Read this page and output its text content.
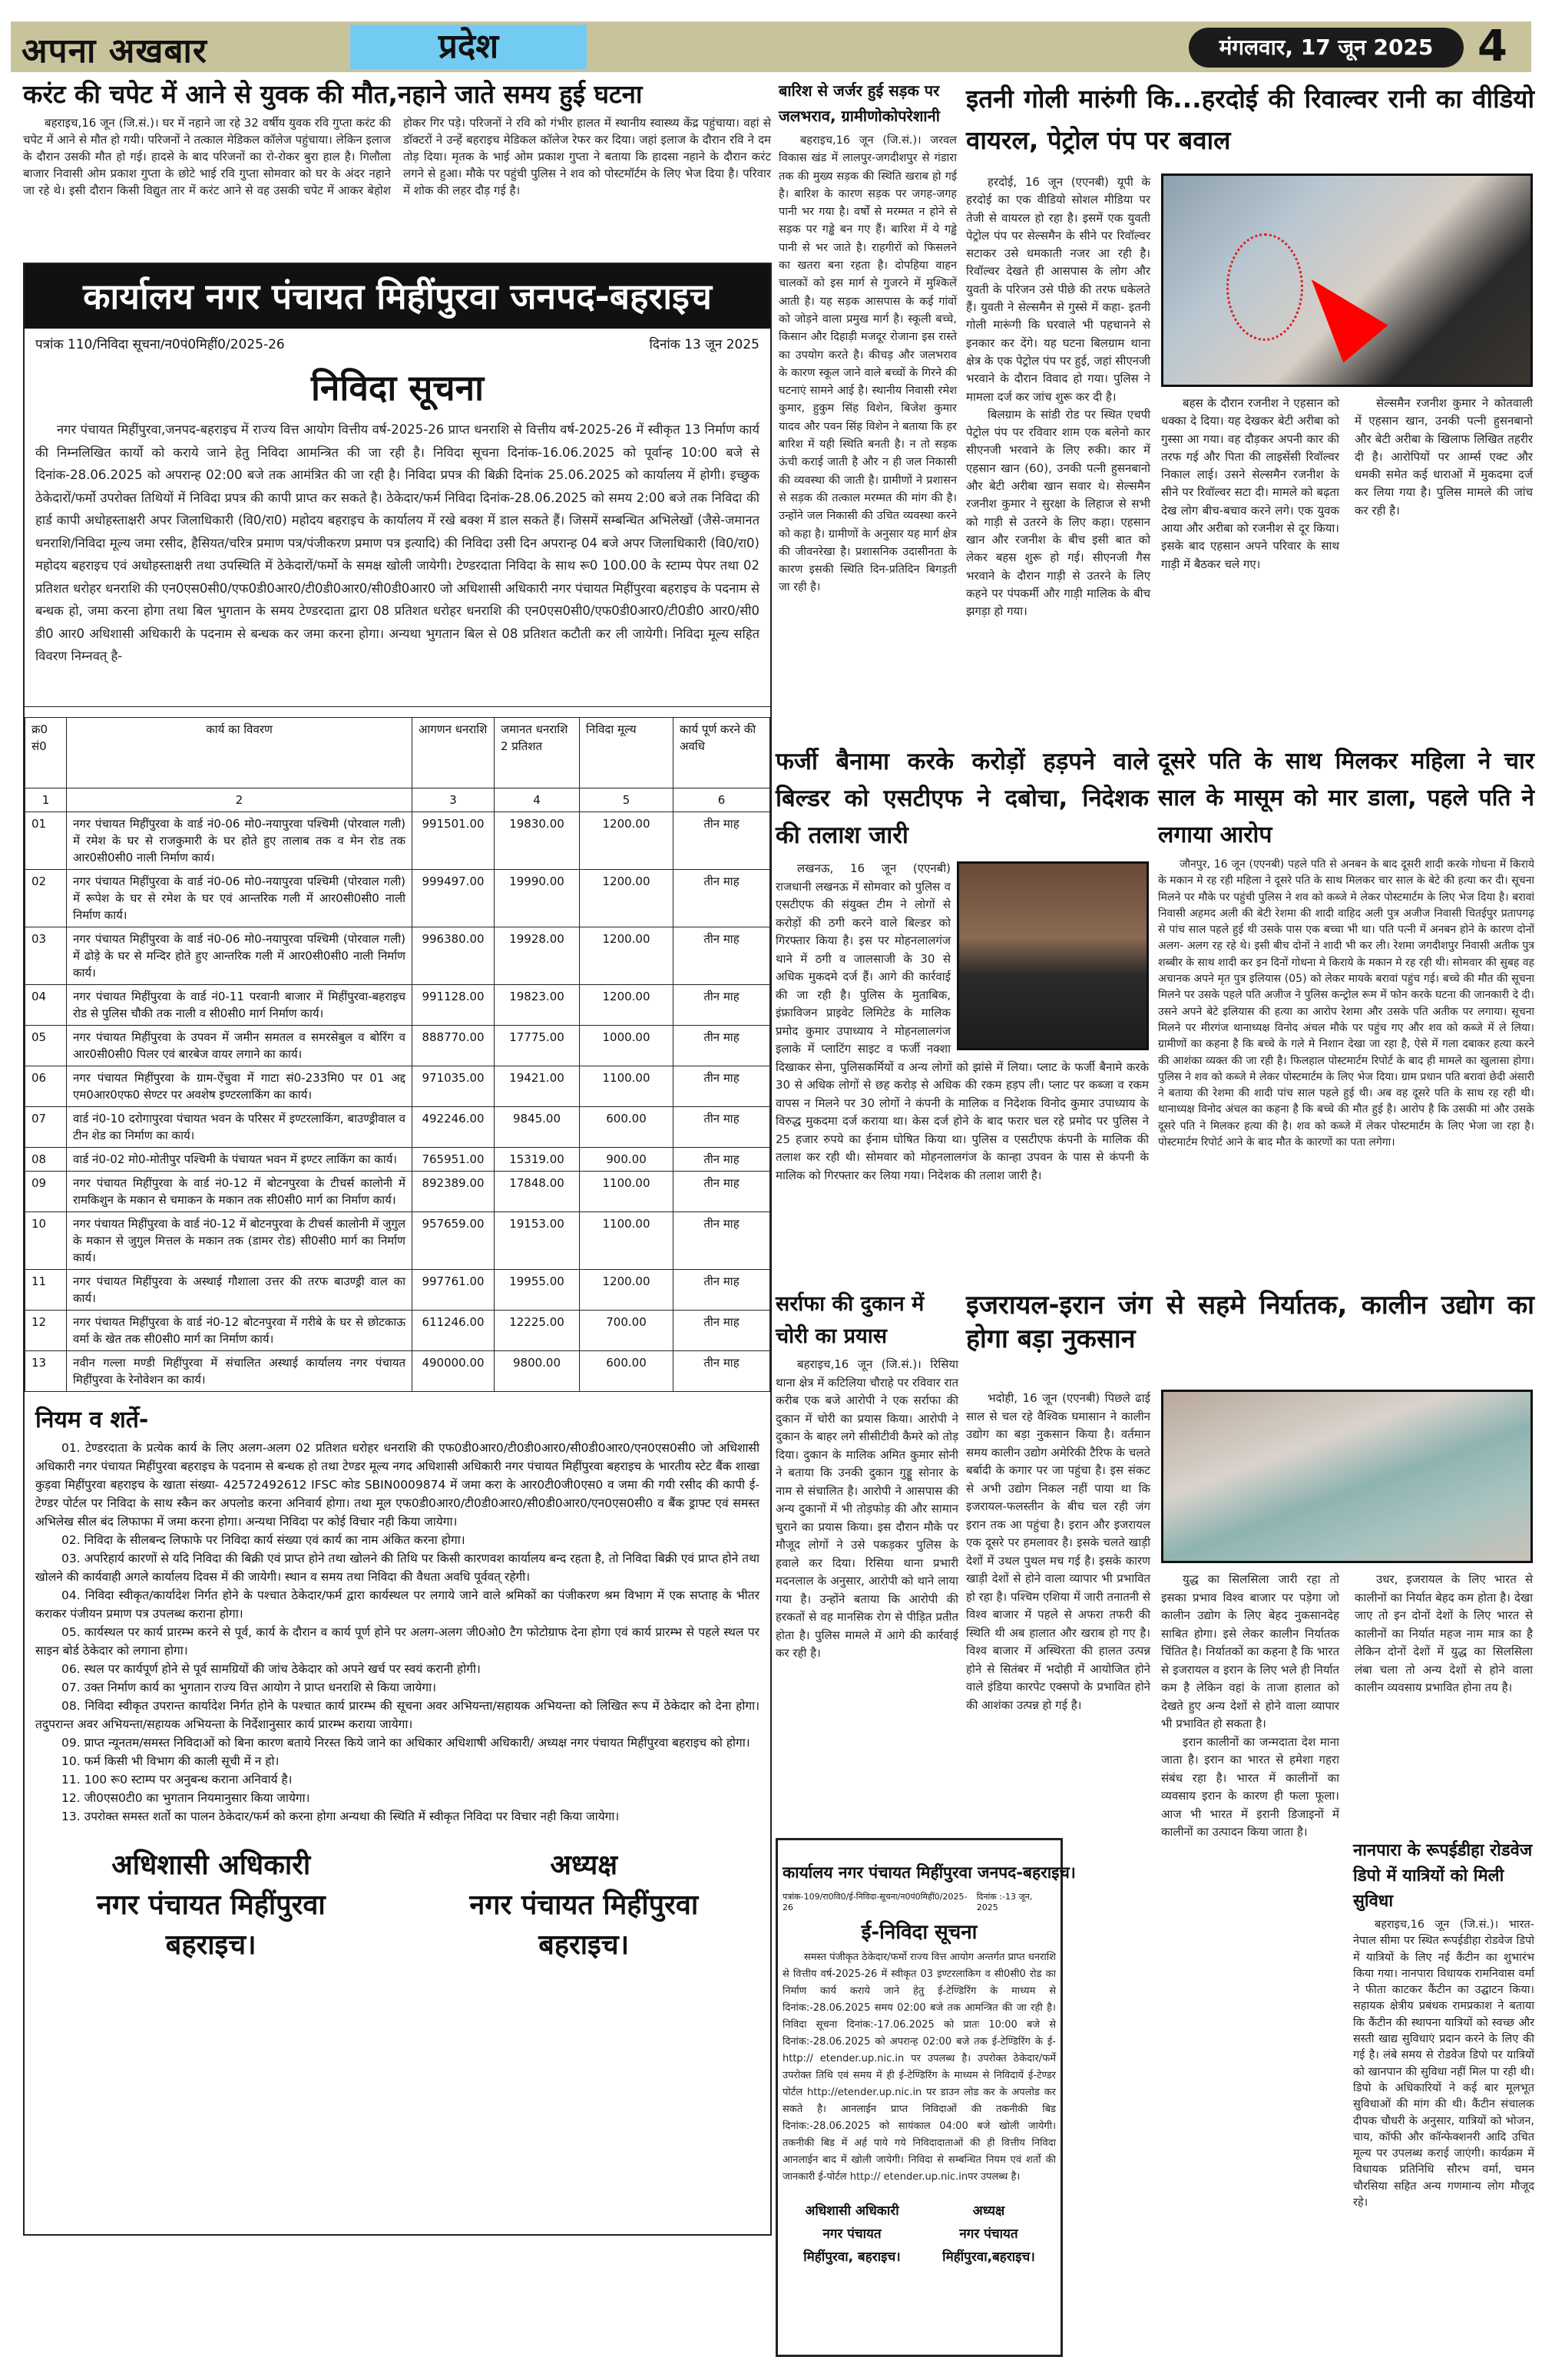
अपना अखबार	प्रदेश	मंगलवार, 17 जून 2025	4
करंट की चपेट में आने से युवक की मौत,नहाने जाते समय हुई घटना

बहराइच,16 जून (जि.सं.)। घर में नहाने जा रहे 32 वर्षीय युवक रवि गुप्ता करंट की चपेट में आने से मौत हो गयी। परिजनों ने तत्काल मेडिकल कॉलेज पहुंचाया। लेकिन इलाज के दौरान उसकी मौत हो गई। हादसे के बाद परिजनों का रो-रोकर बुरा हाल है। गिलौला बाजार निवासी ओम प्रकाश गुप्ता के छोटे भाई रवि गुप्ता सोमवार को घर के अंदर नहाने जा रहे थे। इसी दौरान किसी विद्युत तार में करंट आने से वह उसकी चपेट में आकर बेहोश होकर गिर पड़े। परिजनों ने रवि को गंभीर हालत में स्थानीय स्वास्थ्य केंद्र पहुंचाया। वहां से डॉक्टरों ने उन्हें बहराइच मेडिकल कॉलेज रेफर कर दिया। जहां इलाज के दौरान रवि ने दम तोड़ दिया। मृतक के भाई ओम प्रकाश गुप्ता ने बताया कि हादसा नहाने के दौरान करंट लगने से हुआ। मौके पर पहुंची पुलिस ने शव को पोस्टमॉर्टम के लिए भेज दिया है। परिवार में शोक की लहर दौड़ गई है।

कार्यालय नगर पंचायत मिहींपुरवा जनपद-बहराइच
पत्रांक 110/निविदा सूचना/न0पं0मिहीं0/2025-26	दिनांक 13 जून 2025
निविदा सूचना

नगर पंचायत मिहींपुरवा,जनपद-बहराइच में राज्य वित्त आयोग वित्तीय वर्ष-2025-26 प्राप्त धनराशि से वित्तीय वर्ष-2025-26 में स्वीकृत 13 निर्माण कार्य की निम्नलिखित कार्यो को कराये जाने हेतु निविदा आमन्त्रित की जा रही है। निविदा सूचना दिनांक-16.06.2025 को पूर्वान्ह 10:00 बजे से दिनांक-28.06.2025 को अपरान्ह 02:00 बजे तक आमंत्रित की जा रही है। निविदा प्रपत्र की बिक्री दिनांक 25.06.2025 को कार्यालय में होगी। इच्छुक ठेकेदारों/फर्मो उपरोक्त तिथियों में निविदा प्रपत्र की कापी प्राप्त कर सकते है। ठेकेदार/फर्म निविदा दिनांक-28.06.2025 को समय 2:00 बजे तक निविदा की हार्ड कापी अधोहस्ताक्षरी अपर जिलाधिकारी (वि0/रा0) महोदय बहराइच के कार्यालय में रखे बक्श में डाल सकते हैं। जिसमें सम्बन्धित अभिलेखों (जैसे-जमानत धनराशि/निविदा मूल्य जमा रसीद, हैसियत/चरित्र प्रमाण पत्र/पंजीकरण प्रमाण पत्र इत्यादि) की निविदा उसी दिन अपरान्ह 04 बजे अपर जिलाधिकारी (वि0/रा0) महोदय बहराइच एवं अधोहस्ताक्षरी तथा उपस्थिति में ठेकेदारों/फर्मो के समक्ष खोली जायेगी। टेण्डरदाता निविदा के साथ रू0 100.00 के स्टाम्प पेपर तथा 02 प्रतिशत धरोहर धनराशि की एन0एस0सी0/एफ0डी0आर0/टी0डी0आर0/सी0डी0आर0 जो अधिशासी अधिकारी नगर पंचायत मिहींपुरवा बहराइच के पदनाम से बन्धक हो, जमा करना होगा तथा बिल भुगतान के समय टेण्डरदाता द्वारा 08 प्रतिशत धरोहर धनराशि की एन0एस0सी0/एफ0डी0आर0/टी0डी0 आर0/सी0 डी0 आर0 अधिशासी अधिकारी के पदनाम से बन्धक कर जमा करना होगा। अन्यथा भुगतान बिल से 08 प्रतिशत कटौती कर ली जायेगी। निविदा मूल्य सहित विवरण निम्नवत् है-

क्र0 सं0	कार्य का विवरण	आगणन धनराशि	जमानत धनराशि 2 प्रतिशत	निविदा मूल्य	कार्य पूर्ण करने की अवधि
1	2	3	4	5	6
01	नगर पंचायत मिहींपुरवा के वार्ड नं0-06 मो0-नयापुरवा पश्चिमी (पोरवाल गली) में रमेश के घर से राजकुमारी के घर होते हुए तालाब तक व मेन रोड तक आर0सी0सी0 नाली निर्माण कार्य।	991501.00	19830.00	1200.00	तीन माह
02	नगर पंचायत मिहींपुरवा के वार्ड नं0-06 मो0-नयापुरवा पश्चिमी (पोरवाल गली) में रूपेश के घर से रमेश के घर एवं आन्तरिक गली में आर0सी0सी0 नाली निर्माण कार्य।	999497.00	19990.00	1200.00	तीन माह
03	नगर पंचायत मिहींपुरवा के वार्ड नं0-06 मो0-नयापुरवा पश्चिमी (पोरवाल गली) में ढोड़े के घर से मन्दिर होते हुए आन्तरिक गली में आर0सी0सी0 नाली निर्माण कार्य।	996380.00	19928.00	1200.00	तीन माह
04	नगर पंचायत मिहींपुरवा के वार्ड नं0-11 परवानी बाजार में मिहींपुरवा-बहराइच रोड से पुलिस चौकी तक नाली व सी0सी0 मार्ग निर्माण कार्य।	991128.00	19823.00	1200.00	तीन माह
05	नगर पंचायत मिहींपुरवा के उपवन में जमीन समतल व समरसेबुल व बोरिंग व आर0सी0सी0 पिलर एवं बारबेज वायर लगाने का कार्य।	888770.00	17775.00	1000.00	तीन माह
06	नगर पंचायत मिहींपुरवा के ग्राम-ऐंचुवा में गाटा सं0-233मि0 पर 01 अद्द एम0आर0एफ0 सेण्टर पर अवशेष इण्टरलाकिंग का कार्य।	971035.00	19421.00	1100.00	तीन माह
07	वार्ड नं0-10 दरोगापुरवा पंचायत भवन के परिसर में इण्टरलाकिंग, बाउण्ड्रीवाल व टीन शेड का निर्माण का कार्य।	492246.00	9845.00	600.00	तीन माह
08	वार्ड नं0-02 मो0-मोतीपुर पश्चिमी के पंचायत भवन में इण्टर लाकिंग का कार्य।	765951.00	15319.00	900.00	तीन माह
09	नगर पंचायत मिहींपुरवा के वार्ड नं0-12 में बोटनपुरवा के टीचर्स कालोनी में रामकिशुन के मकान से चमाकन के मकान तक सी0सी0 मार्ग का निर्माण कार्य।	892389.00	17848.00	1100.00	तीन माह
10	नगर पंचायत मिहींपुरवा के वार्ड नं0-12 में बोटनपुरवा के टीचर्स कालोनी में जुगुल के मकान से जुगुल मित्तल के मकान तक (डामर रोड) सी0सी0 मार्ग का निर्माण कार्य।	957659.00	19153.00	1100.00	तीन माह
11	नगर पंचायत मिहींपुरवा के अस्थाई गौशाला उत्तर की तरफ बाउण्ड्री वाल का कार्य।	997761.00	19955.00	1200.00	तीन माह
12	नगर पंचायत मिहींपुरवा के वार्ड नं0-12 बोटनपुरवा में गरीबे के घर से छोटकाऊ वर्मा के खेत तक सी0सी0 मार्ग का निर्माण कार्य।	611246.00	12225.00	700.00	तीन माह
13	नवीन गल्ला मण्डी मिहींपुरवा में संचालित अस्थाई कार्यालय नगर पंचायत मिहींपुरवा के रेनोवेशन का कार्य।	490000.00	9800.00	600.00	तीन माह
नियम व शर्ते-

01. टेण्डरदाता के प्रत्येक कार्य के लिए अलग-अलग 02 प्रतिशत धरोहर धनराशि की एफ0डी0आर0/टी0डी0आर0/सी0डी0आर0/एन0एस0सी0 जो अधिशासी अधिकारी नगर पंचायत मिहींपुरवा बहराइच के पदनाम से बन्धक हो तथा टेण्डर मूल्य नगद अधिशासी अधिकारी नगर पंचायत मिहींपुरवा बहराइच के भारतीय स्टेट बैंक शाखा कुड़वा मिहींपुरवा बहराइच के खाता संख्या- 42572492612 IFSC कोड SBIN0009874 में जमा करा के आर0टी0जी0एस0 व जमा की गयी रसीद की कापी ई-टेण्डर पोर्टल पर निविदा के साथ स्कैन कर अपलोड करना अनिवार्य होगा। तथा मूल एफ0डी0आर0/टी0डी0आर0/सी0डी0आर0/एन0एस0सी0 व बैंक ड्राफ्ट एवं समस्त अभिलेख सील बंद लिफाफा में जमा करना होगा। अन्यथा निविदा पर कोई विचार नही किया जायेगा।

02. निविदा के सीलबन्द लिफाफे पर निविदा कार्य संख्या एवं कार्य का नाम अंकित करना होगा।

03. अपरिहार्य कारणों से यदि निविदा की बिक्री एवं प्राप्त होने तथा खोलने की तिथि पर किसी कारणवश कार्यालय बन्द रहता है, तो निविदा बिक्री एवं प्राप्त होने तथा खोलने की कार्यवाही अगले कार्यालय दिवस में की जायेगी। स्थान व समय तथा निविदा की वैधता अवधि पूर्ववत् रहेगी।

04. निविदा स्वीकृत/कार्यादेश निर्गत होने के पश्चात ठेकेदार/फर्म द्वारा कार्यस्थल पर लगाये जाने वाले श्रमिकों का पंजीकरण श्रम विभाग में एक सप्ताह के भीतर कराकर पंजीयन प्रमाण पत्र उपलब्ध कराना होगा।

05. कार्यस्थल पर कार्य प्रारम्भ करने से पूर्व, कार्य के दौरान व कार्य पूर्ण होने पर अलग-अलग जी0ओ0 टैग फोटोग्राफ देना होगा एवं कार्य प्रारम्भ से पहले स्थल पर साइन बोर्ड ठेकेदार को लगाना होगा।

06. स्थल पर कार्यपूर्ण होने से पूर्व सामग्रियों की जांच ठेकेदार को अपने खर्च पर स्वयं करानी होगी।

07. उक्त निर्माण कार्य का भुगतान राज्य वित्त आयोग ने प्राप्त धनराशि से किया जायेगा।

08. निविदा स्वीकृत उपरान्त कार्यादेश निर्गत होने के पश्चात कार्य प्रारम्भ की सूचना अवर अभियन्ता/सहायक अभियन्ता को लिखित रूप में ठेकेदार को देना होगा। तदुपरान्त अवर अभियन्ता/सहायक अभियन्ता के निर्देशानुसार कार्य प्रारम्भ कराया जायेगा।

09. प्राप्त न्यूनतम/समस्त निविदाओं को बिना कारण बताये निरस्त किये जाने का अधिकार अधिशाषी अधिकारी/ अध्यक्ष नगर पंचायत मिहींपुरवा बहराइच को होगा।

10. फर्म किसी भी विभाग की काली सूची में न हो।

11. 100 रू0 स्टाम्प पर अनुबन्ध कराना अनिवार्य है।

12. जी0एस0टी0 का भुगतान नियमानुसार किया जायेगा।

13. उपरोक्त समस्त शर्तो का पालन ठेकेदार/फर्म को करना होगा अन्यथा की स्थिति में स्वीकृत निविदा पर विचार नही किया जायेगा।

अधिशासी अधिकारी
नगर पंचायत मिहींपुरवा
बहराइच।
अध्यक्ष
नगर पंचायत मिहींपुरवा
बहराइच।
बारिश से जर्जर हुई सड़क पर जलभराव, ग्रामीणोकोपरेशानी

बहराइच,16 जून (जि.सं.)। जरवल विकास खंड में लालपुर-जगदीशपुर से गंडारा तक की मुख्य सड़क की स्थिति खराब हो गई है। बारिश के कारण सड़क पर जगह-जगह पानी भर गया है। वर्षों से मरम्मत न होने से सड़क पर गड्ढे बन गए हैं। बारिश में ये गड्ढे पानी से भर जाते है। राहगीरों को फिसलने का खतरा बना रहता है। दोपहिया वाहन चालकों को इस मार्ग से गुजरने में मुश्किलें आती है। यह सड़क आसपास के कई गांवों को जोड़ने वाला प्रमुख मार्ग है। स्कूली बच्चे, किसान और दिहाड़ी मजदूर रोजाना इस रास्ते का उपयोग करते है। कीचड़ और जलभराव के कारण स्कूल जाने वाले बच्चों के गिरने की घटनाएं सामने आई है। स्थानीय निवासी रमेश कुमार, हुकुम सिंह विशेन, बिजेश कुमार यादव और पवन सिंह विशेन ने बताया कि हर बारिश में यही स्थिति बनती है। न तो सड़क ऊंची कराई जाती है और न ही जल निकासी की व्यवस्था की जाती है। ग्रामीणों ने प्रशासन से सड़क की तत्काल मरम्मत की मांग की है। उन्होंने जल निकासी की उचित व्यवस्था करने को कहा है। ग्रामीणों के अनुसार यह मार्ग क्षेत्र की जीवनरेखा है। प्रशासनिक उदासीनता के कारण इसकी स्थिति दिन-प्रतिदिन बिगड़ती जा रही है।

इतनी गोली मारुंगी कि...हरदोई की रिवाल्वर रानी का वीडियो वायरल, पेट्रोल पंप पर बवाल

हरदोई, 16 जून (एएनबी) यूपी के हरदोई का एक वीडियो सोशल मीडिया पर तेजी से वायरल हो रहा है। इसमें एक युवती पेट्रोल पंप पर सेल्समैन के सीने पर रिवॉल्वर सटाकर उसे धमकाती नजर आ रही है। रिवॉल्वर देखते ही आसपास के लोग और युवती के परिजन उसे पीछे की तरफ धकेलते हैं। युवती ने सेल्समैन से गुस्से में कहा- इतनी गोली मारूंगी कि घरवाले भी पहचानने से इनकार कर देंगे। यह घटना बिलग्राम थाना क्षेत्र के एक पेट्रोल पंप पर हुई, जहां सीएनजी भरवाने के दौरान विवाद हो गया। पुलिस ने मामला दर्ज कर जांच शुरू कर दी है।

बिलग्राम के सांडी रोड पर स्थित एचपी पेट्रोल पंप पर रविवार शाम एक बलेनो कार सीएनजी भरवाने के लिए रुकी। कार में एहसान खान (60), उनकी पत्नी हुसनबानो और बेटी अरीबा खान सवार थे। सेल्समैन रजनीश कुमार ने सुरक्षा के लिहाज से सभी को गाड़ी से उतरने के लिए कहा। एहसान खान और रजनीश के बीच इसी बात को लेकर बहस शुरू हो गई। सीएनजी गैस भरवाने के दौरान गाड़ी से उतरने के लिए कहने पर पंपकर्मी और गाड़ी मालिक के बीच झगड़ा हो गया।

बहस के दौरान रजनीश ने एहसान को धक्का दे दिया। यह देखकर बेटी अरीबा को गुस्सा आ गया। वह दौड़कर अपनी कार की तरफ गई और पिता की लाइसेंसी रिवॉल्वर निकाल लाई। उसने सेल्समैन रजनीश के सीने पर रिवॉल्वर सटा दी। मामले को बढ़ता देख लोग बीच-बचाव करने लगे। एक युवक आया और अरीबा को रजनीश से दूर किया। इसके बाद एहसान अपने परिवार के साथ गाड़ी में बैठकर चले गए।

सेल्समैन रजनीश कुमार ने कोतवाली में एहसान खान, उनकी पत्नी हुसनबानो और बेटी अरीबा के खिलाफ लिखित तहरीर दी है। आरोपियों पर आर्म्स एक्ट और धमकी समेत कई धाराओं में मुकदमा दर्ज कर लिया गया है। पुलिस मामले की जांच कर रही है।

फर्जी बैनामा करके करोड़ों हड़पने वाले बिल्डर को एसटीएफ ने दबोचा, निदेशक की तलाश जारी

लखनऊ, 16 जून (एएनबी) राजधानी लखनऊ में सोमवार को पुलिस व एसटीएफ की संयुक्त टीम ने लोगों से करोड़ों की ठगी करने वाले बिल्डर को गिरफ्तार किया है। इस पर मोहनलालगंज थाने में ठगी व जालसाजी के 30 से अधिक मुकदमे दर्ज हैं। आगे की कार्रवाई की जा रही है। पुलिस के मुताबिक, इंफ्राविजन प्राइवेट लिमिटेड के मालिक प्रमोद कुमार उपाध्याय ने मोहनलालगंज इलाके में प्लाटिंग साइट व फर्जी नक्शा दिखाकर सेना, पुलिसकर्मियों व अन्य लोगों को झांसे में लिया। प्लाट के फर्जी बैनामे करके 30 से अधिक लोगों से छह करोड़ से अधिक की रकम हड़प ली। प्लाट पर कब्जा व रकम वापस न मिलने पर 30 लोगों ने कंपनी के मालिक व निदेशक विनोद कुमार उपाध्याय के विरुद्ध मुकदमा दर्ज कराया था। केस दर्ज होने के बाद फरार चल रहे प्रमोद पर पुलिस ने 25 हजार रुपये का ईनाम घोषित किया था। पुलिस व एसटीएफ कंपनी के मालिक की तलाश कर रही थी। सोमवार को मोहनलालगंज के कान्हा उपवन के पास से कंपनी के मालिक को गिरफ्तार कर लिया गया। निदेशक की तलाश जारी है।

दूसरे पति के साथ मिलकर महिला ने चार साल के मासूम को मार डाला, पहले पति ने लगाया आरोप

जौनपुर, 16 जून (एएनबी) पहले पति से अनबन के बाद दूसरी शादी करके गोधना में किराये के मकान मे रह रही महिला ने दूसरे पति के साथ मिलकर चार साल के बेटे की हत्या कर दी। सूचना मिलने पर मौके पर पहुंची पुलिस ने शव को कब्जे मे लेकर पोस्टमार्टम के लिए भेज दिया है। बरावां निवासी अहमद अली की बेटी रेशमा की शादी वाहिद अली पुत्र अजीज निवासी चितईपुर प्रतापगढ़ से पांच साल पहले हुई थी उसके पास एक बच्चा भी था। पति पत्नी में अनबन होने के कारण दोनों अलग- अलग रह रहे थे। इसी बीच दोनों ने शादी भी कर ली। रेशमा जगदीशपुर निवासी अतीक पुत्र शब्बीर के साथ शादी कर इन दिनों गोधना मे किराये के मकान मे रह रही थी। सोमवार की सुबह वह अचानक अपने मृत पुत्र इलियास (05) को लेकर मायके बरावां पहुंच गई। बच्चे की मौत की सूचना मिलने पर उसके पहले पति अजीज ने पुलिस कन्ट्रोल रूम में फोन करके घटना की जानकारी दे दी। उसने अपने बेटे इलियास की हत्या का आरोप रेशमा और उसके पति अतीक पर लगाया। सूचना मिलने पर मीरगंज थानाध्यक्ष विनोद अंचल मौके पर पहुंच गए और शव को कब्जे में ले लिया। ग्रामीणों का कहना है कि बच्चे के गले मे निशान देखा जा रहा है, ऐसे में गला दबाकर हत्या करने की आशंका व्यक्त की जा रही है। फिलहाल पोस्टमार्टम रिपोर्ट के बाद ही मामले का खुलासा होगा। पुलिस ने शव को कब्जे मे लेकर पोस्टमार्टम के लिए भेज दिया। ग्राम प्रधान पति बरावां छेदी अंसारी ने बताया की रेशमा की शादी पांच साल पहले हुई थी। अब वह दूसरे पति के साथ रह रही थी। थानाध्यक्ष विनोद अंचल का कहना है कि बच्चे की मौत हुई है। आरोप है कि उसकी मां और उसके दूसरे पति ने मिलकर हत्या की है। शव को कब्जे में लेकर पोस्टमार्टम के लिए भेजा जा रहा है। पोस्टमार्टम रिपोर्ट आने के बाद मौत के कारणों का पता लगेगा।

सर्राफा की दुकान में चोरी का प्रयास

बहराइच,16 जून (जि.सं.)। रिसिया थाना क्षेत्र में कटिलिया चौराहे पर रविवार रात करीब एक बजे आरोपी ने एक सर्राफा की दुकान में चोरी का प्रयास किया। आरोपी ने दुकान के बाहर लगे सीसीटीवी कैमरे को तोड़ दिया। दुकान के मालिक अमित कुमार सोनी ने बताया कि उनकी दुकान गुड्डू सोनार के नाम से संचालित है। आरोपी ने आसपास की अन्य दुकानों में भी तोड़फोड़ की और सामान चुराने का प्रयास किया। इस दौरान मौके पर मौजूद लोगों ने उसे पकड़कर पुलिस के हवाले कर दिया। रिसिया थाना प्रभारी मदनलाल के अनुसार, आरोपी को थाने लाया गया है। उन्होंने बताया कि आरोपी की हरकतों से वह मानसिक रोग से पीड़ित प्रतीत होता है। पुलिस मामले में आगे की कार्रवाई कर रही है।

इजरायल-इरान जंग से सहमे निर्यातक, कालीन उद्योग का होगा बड़ा नुकसान

भदोही, 16 जून (एएनबी) पिछले ढाई साल से चल रहे वैश्विक घमासान ने कालीन उद्योग का बड़ा नुकसान किया है। वर्तमान समय कालीन उद्योग अमेरिकी टैरिफ के चलते बर्बादी के कगार पर जा पहुंचा है। इस संकट से अभी उद्योग निकल नहीं पाया था कि इजरायल-फलस्तीन के बीच चल रही जंग इरान तक आ पहुंचा है। इरान और इजरायल एक दूसरे पर हमलावर है। इसके चलते खाड़ी देशों में उथल पुथल मच गई है। इसके कारण खाड़ी देशों से होने वाला व्यापार भी प्रभावित हो रहा है। पश्चिम एशिया में जारी तनातनी से विश्व बाजार में पहले से अफरा तफरी की स्थिति थी अब हालात और खराब हो गए है। विश्व बाजार में अस्थिरता की हालत उत्पन्न होने से सितंबर में भदोही में आयोजित होने वाले इंडिया कारपेट एक्सपो के प्रभावित होने की आशंका उत्पन्न हो गई है।

युद्ध का सिलसिला जारी रहा तो इसका प्रभाव विश्व बाजार पर पड़ेगा जो कालीन उद्योग के लिए बेहद नुकसानदेह साबित होगा। इसे लेकर कालीन निर्यातक चिंतित है। निर्यातकों का कहना है कि भारत से इजरायल व इरान के लिए भले ही निर्यात कम है लेकिन वहां के ताजा हालात को देखते हुए अन्य देशों से होने वाला व्यापार भी प्रभावित हो सकता है।

इरान कालीनों का जन्मदाता देश माना जाता है। इरान का भारत से हमेशा गहरा संबंध रहा है। भारत में कालीनों का व्यवसाय इरान के कारण ही फला फूला। आज भी भारत में इरानी डिजाइनों में कालीनों का उत्पादन किया जाता है।

उधर, इजरायल के लिए भारत से कालीनों का निर्यात बेहद कम होता है। देखा जाए तो इन दोनों देशों के लिए भारत से कालीनों का निर्यात महज नाम मात्र का है लेकिन दोनों देशों में युद्ध का सिलसिला लंबा चला तो अन्य देशों से होने वाला कालीन व्यवसाय प्रभावित होना तय है।

कार्यालय नगर पंचायत मिहींपुरवा जनपद-बहराइच।
पत्रांक-109/रा0वि0/ई-निविदा-सूचना/न0पं0मिहीं0/2025-26
दिनांक :-13 जून, 2025
ई-निविदा सूचना

समस्त पंजीकृत ठेकेदार/फर्मो राज्य वित्त आयोग अन्तर्गत प्राप्त धनराशि से वित्तीय वर्ष-2025-26 में स्वीकृत 03 इण्टरलाकिग व सी0सी0 रोड का निर्माण कार्य कराये जाने हेतु ई-टेण्डिरिंग के माध्यम से दिनांक:-28.06.2025 समय 02:00 बजे तक आमन्त्रित की जा रही है। निविदा सूचना दिनांक:-17.06.2025 को प्रातः 10:00 बजे से दिनांक:-28.06.2025 को अपरान्ह 02:00 बजे तक ई-टेण्डिरिंग के ई-http:// etender.up.nic.in पर उपलब्ध है। उपरोक्त ठेकेदार/फर्मे उपरोक्त तिथि एवं समय में ही ई-टेण्डिरिंग के माध्यम से निविदायें ई-टेण्डर पोर्टल http://etender.up.nic.in पर डाउन लोड कर के अपलोड कर सकते है। आनलाईन प्राप्त निविदाओं की तकनीकी बिड दिनांक:-28.06.2025 को सायंकाल 04:00 बजे खोली जायेगी। तकनीकी बिड में अर्ह पाये गये निविदादाताओं की ही वित्तीय निविदा आनलाईन बाद में खोली जायेगी। निविदा से सम्बन्धित नियम एवं शर्तो की जानकारी ई-पोर्टल http:// etender.up.nic.inपर उपलब्ध है।

अधिशासी अधिकारी
नगर पंचायत
मिहींपुरवा, बहराइच।
अध्यक्ष
नगर पंचायत
मिहींपुरवा,बहराइच।
नानपारा के रूपईडीहा रोडवेज डिपो में यात्रियों को मिली सुविधा

बहराइच,16 जून (जि.सं.)। भारत-नेपाल सीमा पर स्थित रूपईडीहा रोडवेज डिपो में यात्रियों के लिए नई कैंटीन का शुभारंभ किया गया। नानपारा विधायक रामनिवास वर्मा ने फीता काटकर कैंटीन का उद्घाटन किया। सहायक क्षेत्रीय प्रबंधक रामप्रकाश ने बताया कि कैंटीन की स्थापना यात्रियों को स्वच्छ और सस्ती खाद्य सुविधाएं प्रदान करने के लिए की गई है। लंबे समय से रोडवेज डिपो पर यात्रियों को खानपान की सुविधा नहीं मिल पा रही थी। डिपो के अधिकारियों ने कई बार मूलभूत सुविधाओं की मांग की थी। कैंटीन संचालक दीपक चौधरी के अनुसार, यात्रियों को भोजन, चाय, कॉफी और कॉन्फेक्शनरी आदि उचित मूल्य पर उपलब्ध कराई जाएंगी। कार्यक्रम में विधायक प्रतिनिधि सौरभ वर्मा, चमन चौरसिया सहित अन्य गणमान्य लोग मौजूद रहे।
